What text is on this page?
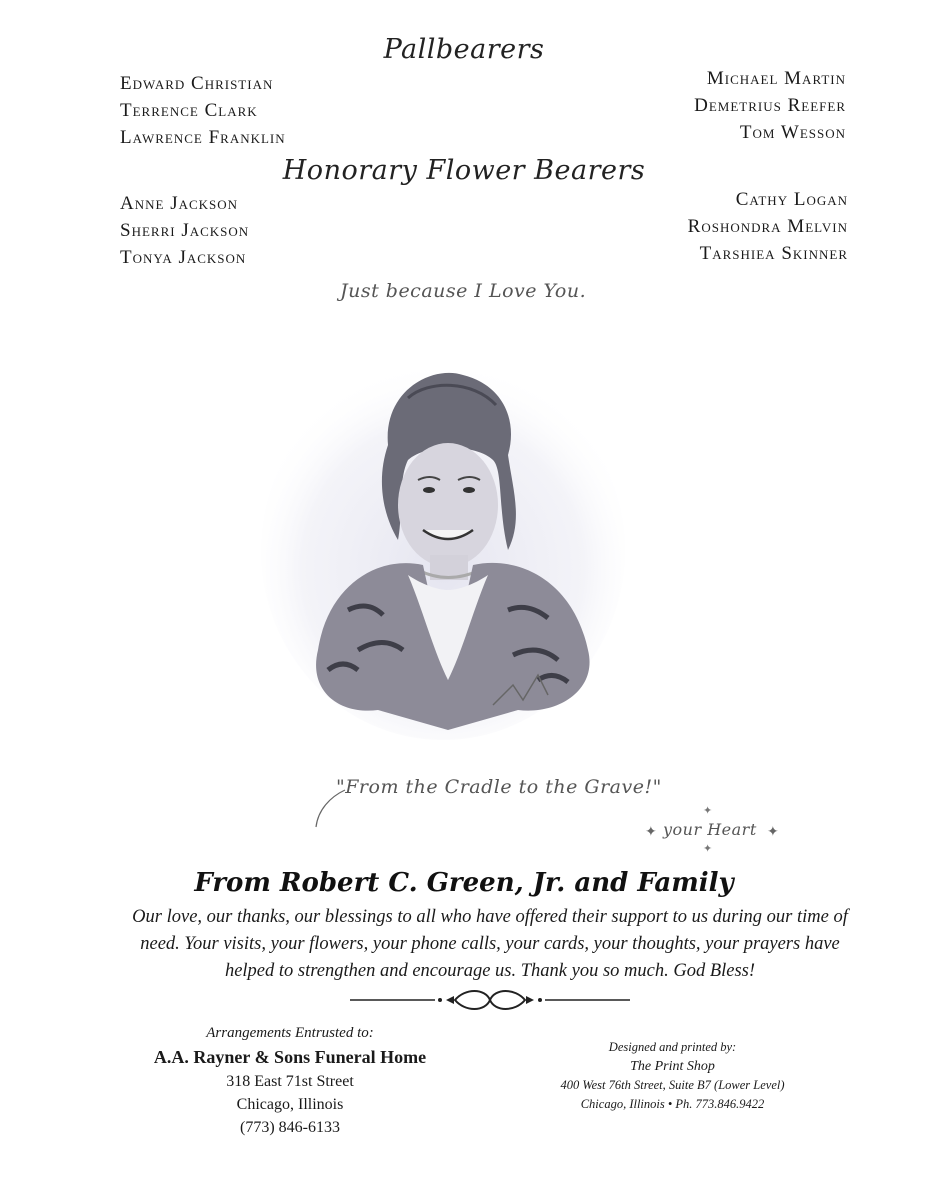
Pallbearers
Edward Christian
Terrence Clark
Lawrence Franklin
Michael Martin
Demetrius Reefer
Tom Wesson
Honorary Flower Bearers
Anne Jackson
Sherri Jackson
Tonya Jackson
Cathy Logan
Roshondra Melvin
Tarshiea Skinner
Just because I Love You.
"From the Cradle to the Grave!"
✦ your Heart ✦
✦
✦
From Robert C. Green, Jr. and Family
Our love, our thanks, our blessings to all who have offered their support to us during our time of need. Your visits, your flowers, your phone calls, your cards, your thoughts, your prayers have helped to strengthen and encourage us. Thank you so much. God Bless!
Arrangements Entrusted to:
A.A. Rayner & Sons Funeral Home
318 East 71st Street
Chicago, Illinois
(773) 846-6133
Designed and printed by:
The Print Shop
400 West 76th Street, Suite B7 (Lower Level)
Chicago, Illinois • Ph. 773.846.9422
